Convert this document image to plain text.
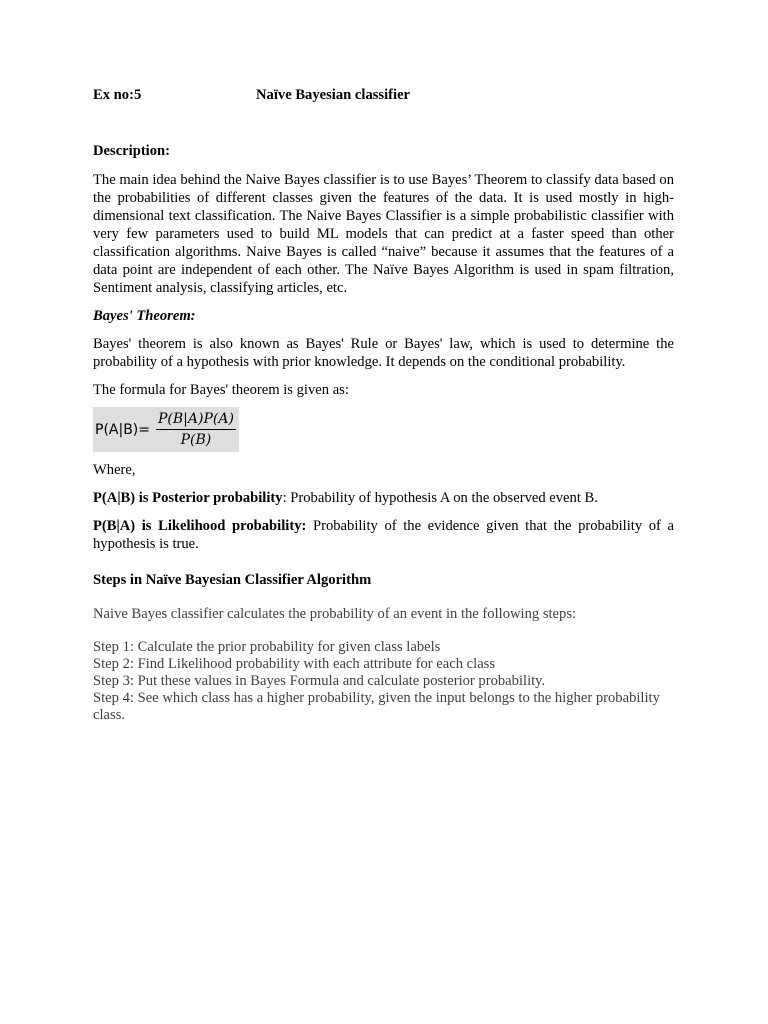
Ex no:5	Naïve Bayesian classifier
Description:
The main idea behind the Naive Bayes classifier is to use Bayes’ Theorem to classify data based on the probabilities of different classes given the features of the data. It is used mostly in high-dimensional text classification. The Naive Bayes Classifier is a simple probabilistic classifier with very few parameters used to build ML models that can predict at a faster speed than other classification algorithms. Naive Bayes is called “naive” because it assumes that the features of a data point are independent of each other. The Naïve Bayes Algorithm is used in spam filtration, Sentiment analysis, classifying articles, etc.
Bayes' Theorem:
Bayes' theorem is also known as Bayes' Rule or Bayes' law, which is used to determine the probability of a hypothesis with prior knowledge. It depends on the conditional probability.
The formula for Bayes' theorem is given as:
$P(A|B)= \frac{P(B|A)P(A)}{P(B)}$
Where,
P(A|B) is Posterior probability: Probability of hypothesis A on the observed event B.
P(B|A) is Likelihood probability: Probability of the evidence given that the probability of a hypothesis is true.
Steps in Naïve Bayesian Classifier Algorithm
Naive Bayes classifier calculates the probability of an event in the following steps:
Step 1: Calculate the prior probability for given class labels
Step 2: Find Likelihood probability with each attribute for each class
Step 3: Put these values in Bayes Formula and calculate posterior probability.
Step 4: See which class has a higher probability, given the input belongs to the higher probability class.
